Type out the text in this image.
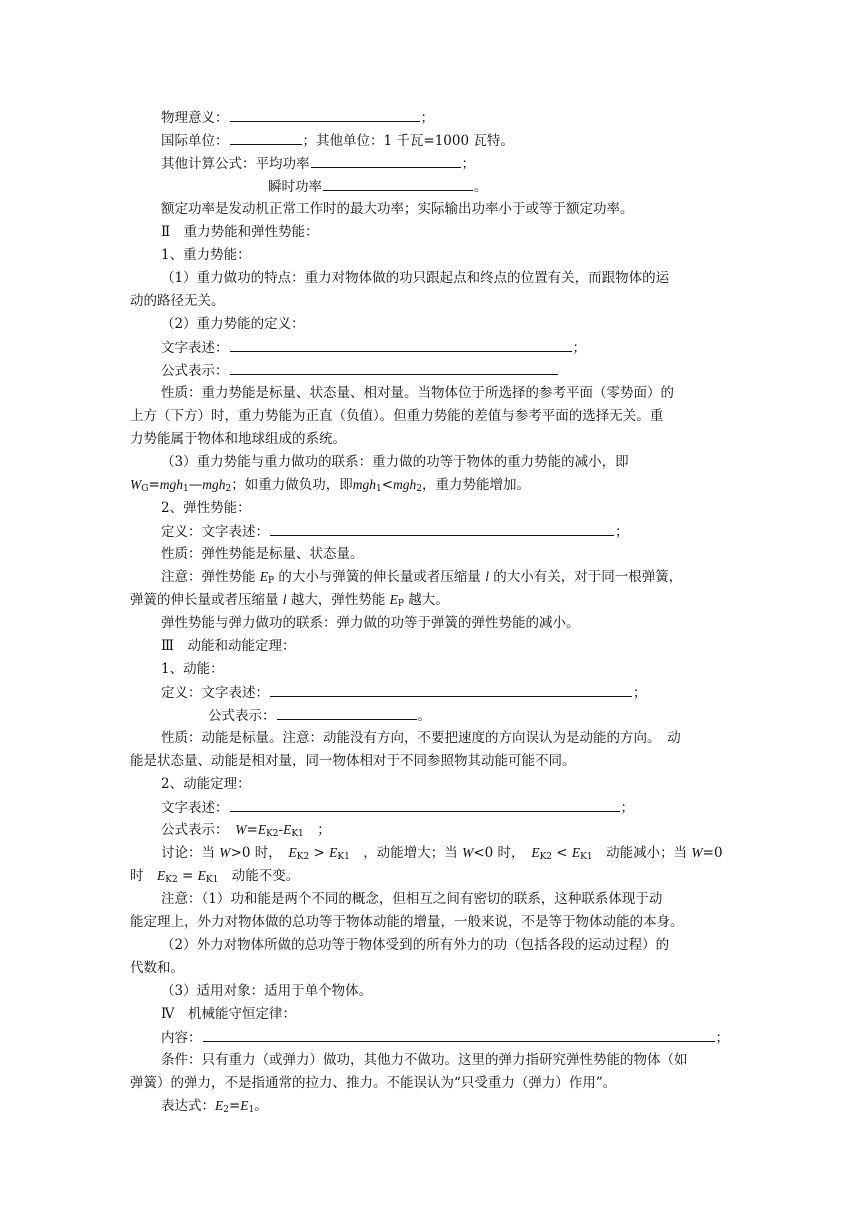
物理意义：	；
国际单位：	；其他单位：1 千瓦=1000 瓦特。
其他计算公式：平均功率	；
瞬时功率	。
额定功率是发动机正常工作时的最大功率；实际输出功率小于或等于额定功率。
Ⅱ　重力势能和弹性势能：
1、重力势能：
（1）重力做功的特点：重力对物体做的功只跟起点和终点的位置有关，而跟物体的运
动的路径无关。
（2）重力势能的定义：
文字表述：	；
公式表示：
性质：重力势能是标量、状态量、相对量。当物体位于所选择的参考平面（零势面）的
上方（下方）时，重力势能为正直（负值）。但重力势能的差值与参考平面的选择无关。重
力势能属于物体和地球组成的系统。
（3）重力势能与重力做功的联系：重力做的功等于物体的重力势能的减小，即
$W_G=mgh_1—mgh_2$；如重力做负功，即mgh$_1$<mgh$_2$，重力势能增加。
2、弹性势能：
定义：文字表述：	；
性质：弹性势能是标量、状态量。
注意：弹性势能 $E_P$ 的大小与弹簧的伸长量或者压缩量 l 的大小有关，对于同一根弹簧，
弹簧的伸长量或者压缩量 l 越大，弹性势能 $E_P$ 越大。
弹性势能与弹力做功的联系：弹力做的功等于弹簧的弹性势能的减小。
Ⅲ　动能和动能定理：
1、动能：
定义：文字表述：	；
公式表示：	。
性质：动能是标量。注意：动能没有方向，不要把速度的方向误认为是动能的方向。　动
能是状态量、动能是相对量，同一物体相对于不同参照物其动能可能不同。
2、动能定理：
文字表述：	；
公式表示：　$W=E_{K2}-E_{K1}$　；
讨论：当 W>0 时，　$E_{K2} > E_{K1}$　，动能增大；当 W<0 时，　$E_{K2} < E_{K1}$　动能减小；当 W=0
时　$E_{K2} = E_{K1}$　动能不变。
注意：（1）功和能是两个不同的概念，但相互之间有密切的联系，这种联系体现于动
能定理上，外力对物体做的总功等于物体动能的增量，一般来说，不是等于物体动能的本身。
（2）外力对物体所做的总功等于物体受到的所有外力的功（包括各段的运动过程）的
代数和。
（3）适用对象：适用于单个物体。
Ⅳ　机械能守恒定律：
内容：	；
条件：只有重力（或弹力）做功，其他力不做功。这里的弹力指研究弹性势能的物体（如
弹簧）的弹力，不是指通常的拉力、推力。不能误认为“只受重力（弹力）作用”。
表达式：$E_2=E_1$。
